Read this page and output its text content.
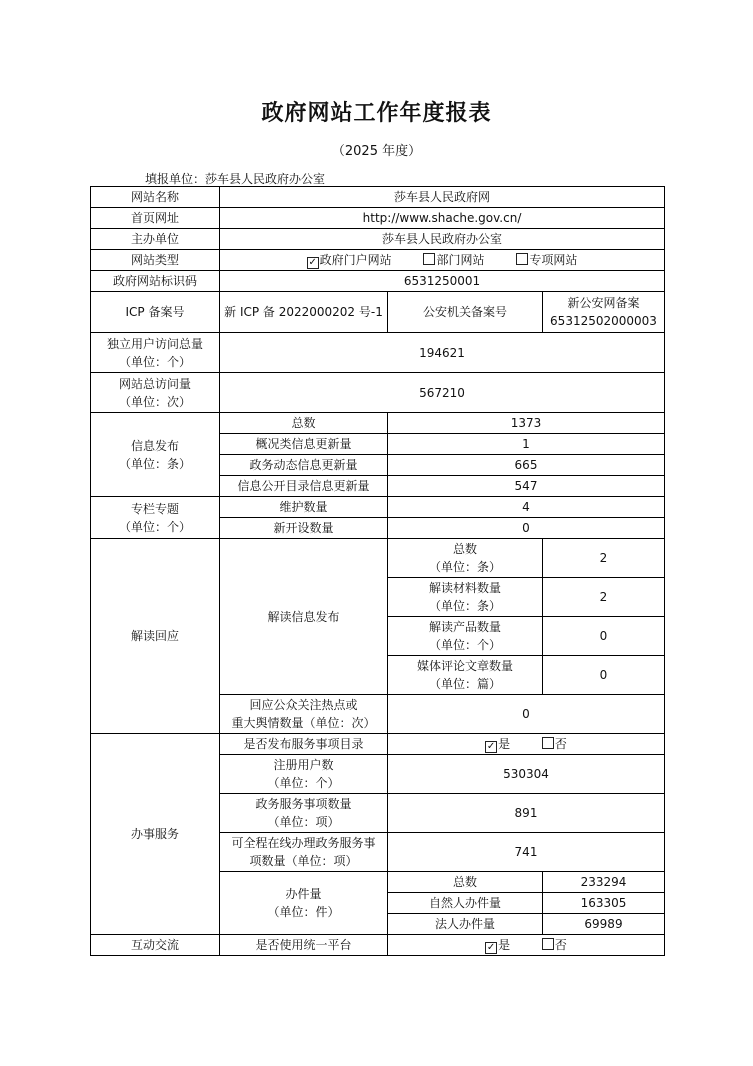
政府网站工作年度报表
（2025 年度）
填报单位：莎车县人民政府办公室
网站名称	莎车县人民政府网		
首页网址	http://www.shache.gov.cn/		
主办单位	莎车县人民政府办公室		
网站类型	✓ 政府门户网站 部门网站 专项网站		
政府网站标识码	6531250001		
ICP 备案号	新 ICP 备 2022000202 号-1	公安机关备案号	新公安网备案
65312502000003

独立用户访问总量
（单位：个）	194621		

网站总访问量
（单位：次）	567210		

信息发布
（单位：条）	总数	1373	
	概况类信息更新量	1	
	政务动态信息更新量	665	
	信息公开目录信息更新量	547	

专栏专题
（单位：个）	维护数量	4	
	新开设数量	0	
解读回应	解读信息发布	总数
（单位：条）	2

		解读材料数量
（单位：条）	2

		解读产品数量
（单位：个）	0

		媒体评论文章数量
（单位：篇）	0

	回应公众关注热点或
重大舆情数量（单位：次）	0	
办事服务	是否发布服务事项目录	✓ 是 否	

	注册用户数
（单位：个）	530304	

	政务服务事项数量
（单位：项）	891	

	可全程在线办理政务服务事
项数量（单位：项）	741	

	办件量
（单位：件）	总数	233294
		自然人办件量	163305
		法人办件量	69989
互动交流	是否使用统一平台	✓ 是 否	
